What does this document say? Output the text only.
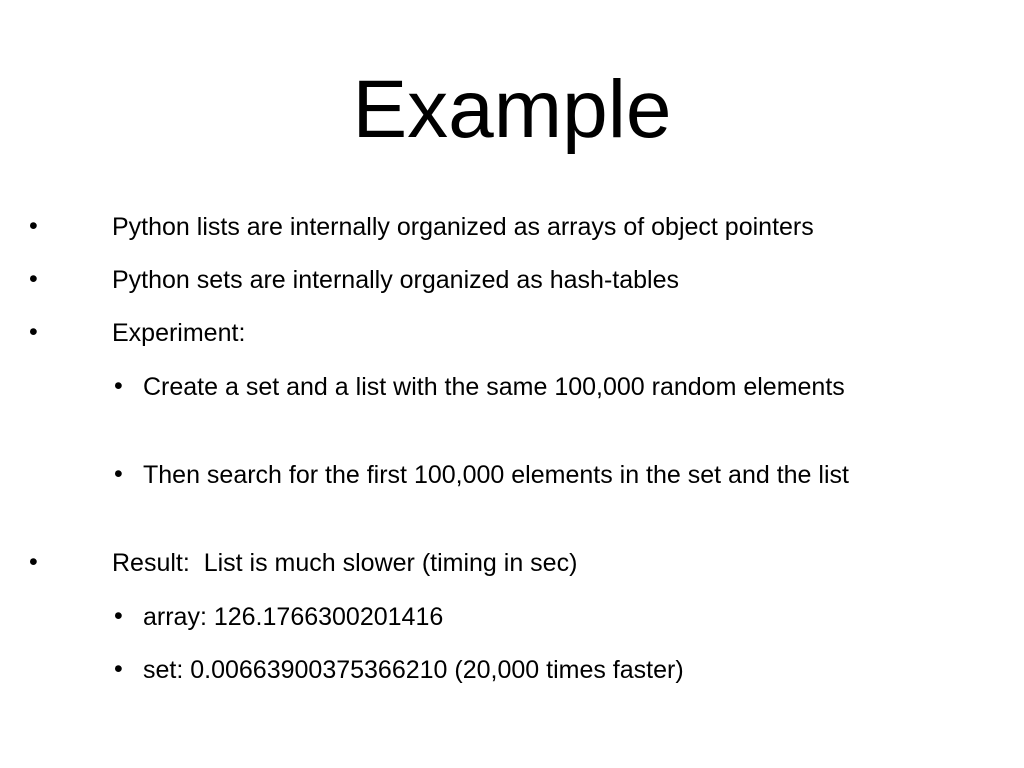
Example
•	Python lists are internally organized as arrays of object pointers
•	Python sets are internally organized as hash-tables
•	Experiment:
• Create a set and a list with the same 100,000 random elements
• Then search for the first 100,000 elements in the set and the list
•	Result:  List is much slower (timing in sec)
• array: 126.1766300201416
• set: 0.00663900375366210 (20,000 times faster)
